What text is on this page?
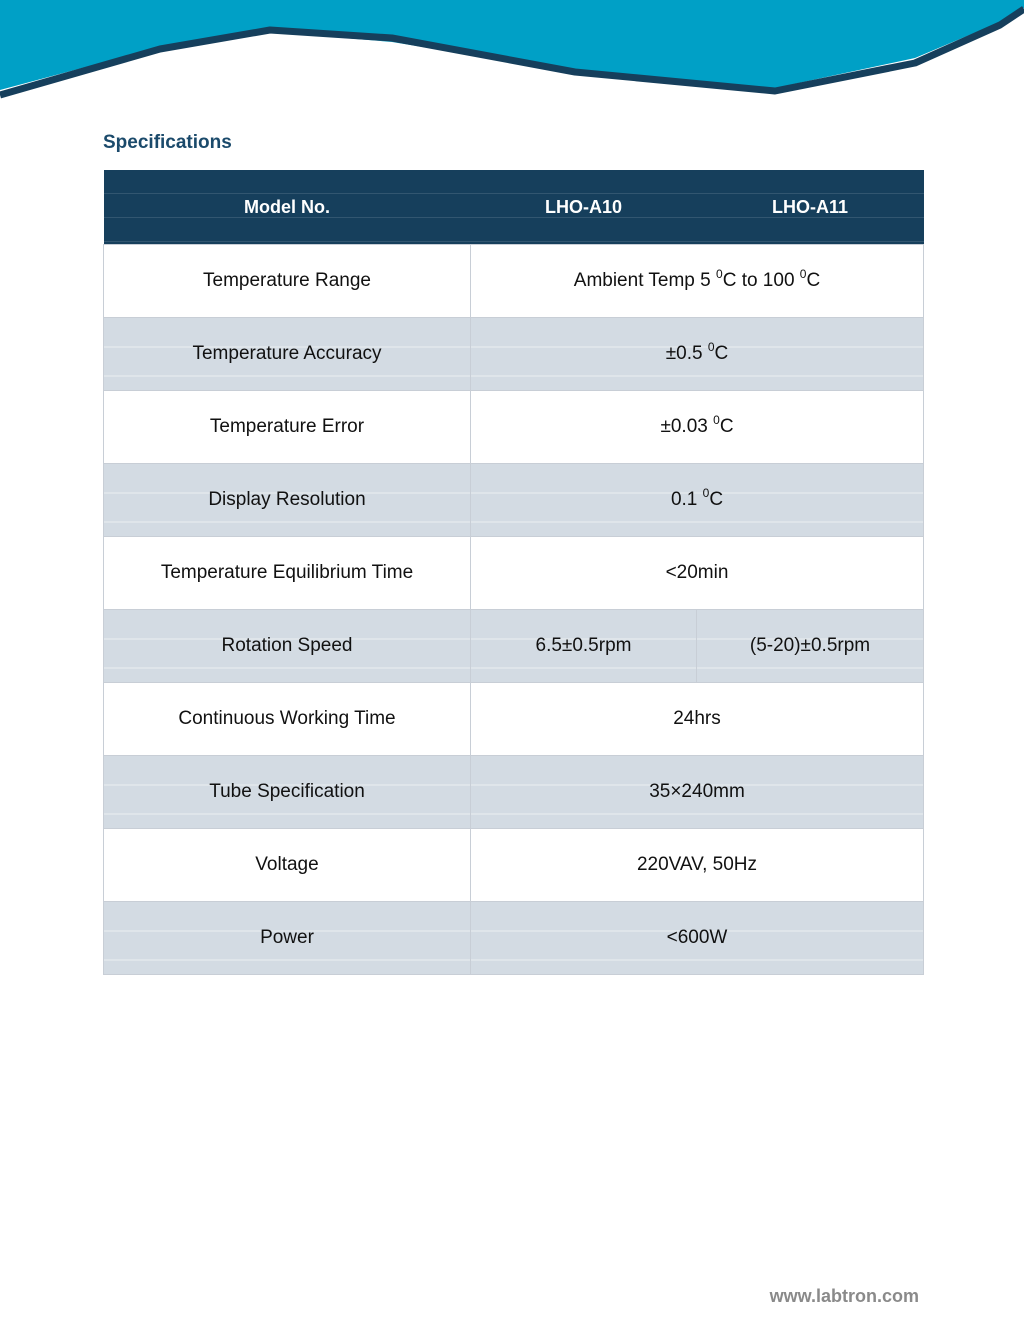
Specifications
Model No.	LHO-A10	LHO-A11
Temperature Range	Ambient Temp 5 $^0$C to 100 $^0$C	
Temperature Accuracy	±0.5 $^0$C	
Temperature Error	±0.03 $^0$C	
Display Resolution	0.1 $^0$C	
Temperature Equilibrium Time	<20min	
Rotation Speed	6.5±0.5rpm	(5-20)±0.5rpm
Continuous Working Time	24hrs	
Tube Specification	35×240mm	
Voltage	220VAV, 50Hz	
Power	<600W	
www.labtron.com
